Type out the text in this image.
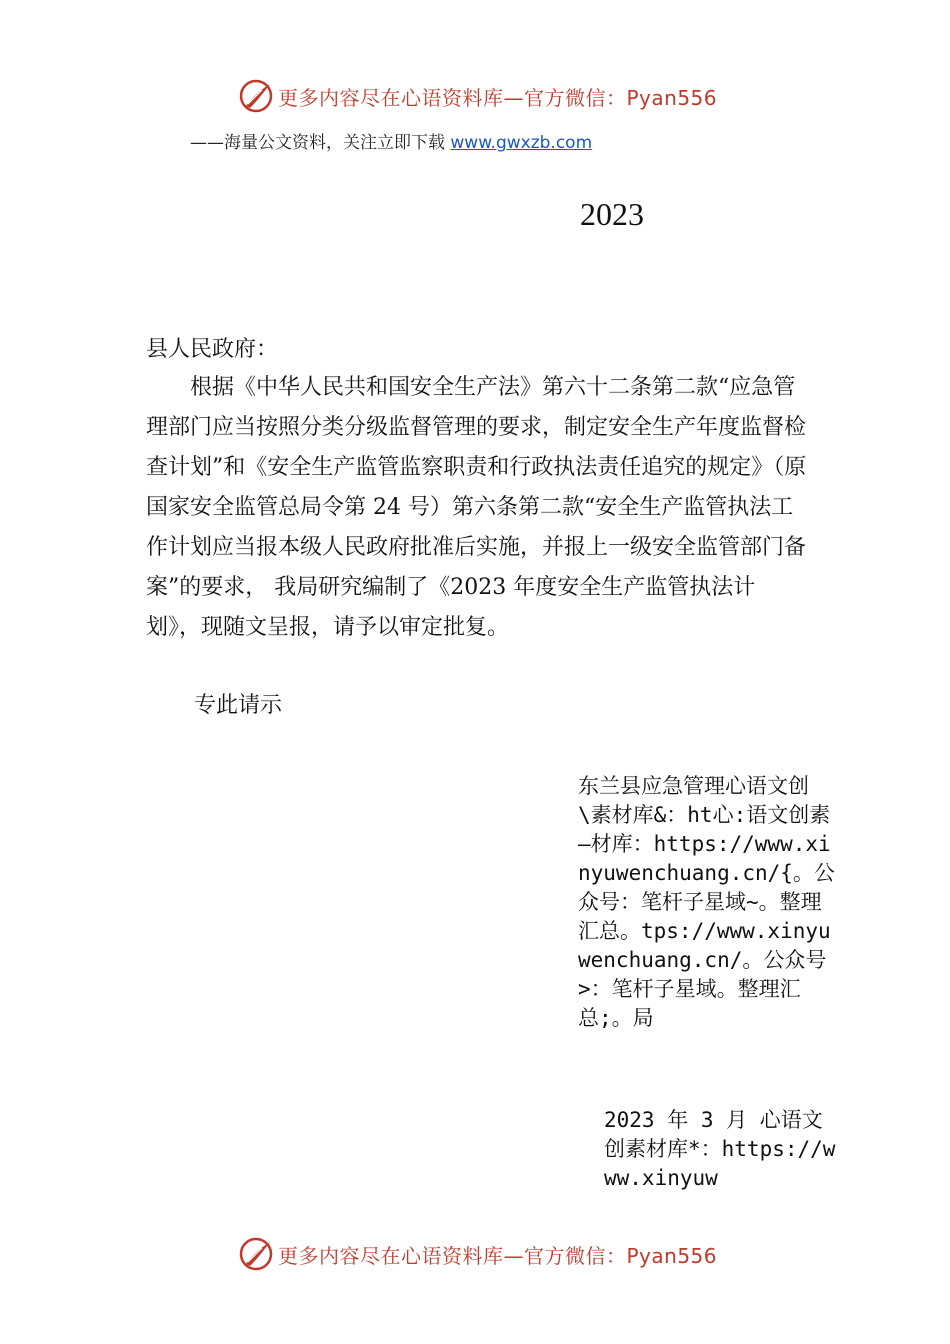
更多内容尽在心语资料库—官方微信：Pyan556
——海量公文资料，关注立即下载 www.gwxzb.com
2023
县人民政府：

根据《中华人民共和国安全生产法》第六十二条第二款“应急管理部门应当按照分类分级监督管理的要求，制定安全生产年度监督检查计划”和《安全生产监管监察职责和行政执法责任追究的规定》（原国家安全监管总局令第 24 号）第六条第二款“安全生产监管执法工作计划应当报本级人民政府批准后实施，并报上一级安全监管部门备案”的要求， 我局研究编制了《2023 年度安全生产监管执法计划》，现随文呈报，请予以审定批复。

专此请示
东兰县应急管理心语文创\素材库&：ht心:语文创素—材库：https://www.xinyuwenchuang.cn/{。公众号：笔杆子星域~。整理汇总。tps://www.xinyuwenchuang.cn/。公众号>：笔杆子星域。整理汇总;。局
2023 年 3 月 心语文创素材库*：https://www.xinyuw
更多内容尽在心语资料库—官方微信：Pyan556
